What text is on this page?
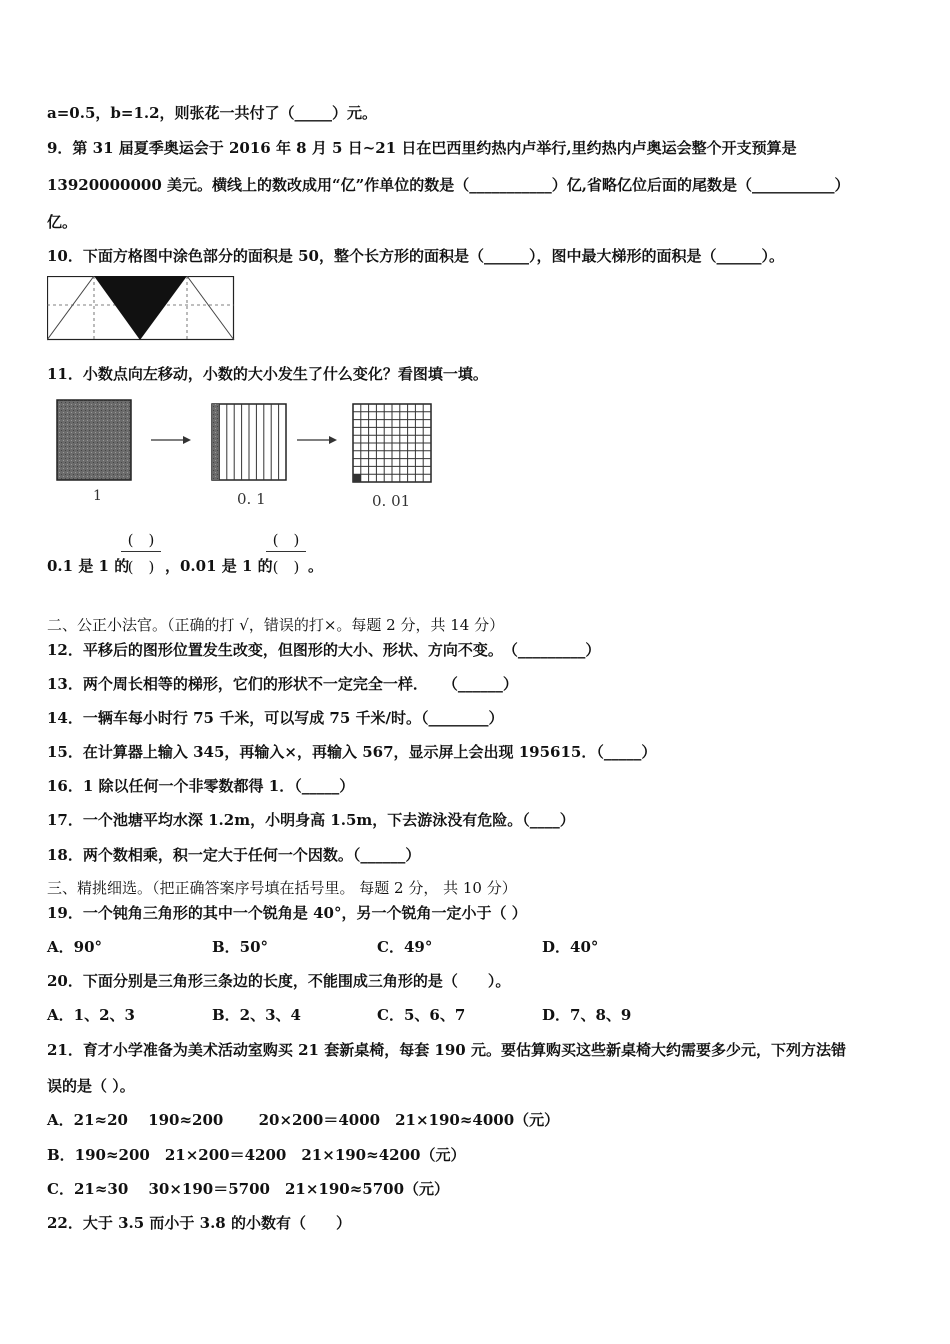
a=0.5，b=1.2，则张花一共付了（_____）元。
9．第 31 届夏季奥运会于 2016 年 8 月 5 日~21 日在巴西里约热内卢举行,里约热内卢奥运会整个开支预算是
13920000000 美元。横线上的数改成用“亿”作单位的数是（___________）亿,省略亿位后面的尾数是（___________）
亿。
10．下面方格图中涂色部分的面积是 50，整个长方形的面积是（______），图中最大梯形的面积是（______）。
11．小数点向左移动，小数的大小发生了什么变化？看图填一填。
1	0. 1	0. 01
(　)
0.1 是 1 的
(　) ，0.01 是 1 的
(　)
(　) 。
二、公正小法官。（正确的打 √，错误的打×。每题 2 分，共 14 分）
12．平移后的图形位置发生改变，但图形的大小、形状、方向不变。　（_________）
13．两个周长相等的梯形，它们的形状不一定完全一样．　　（______）
14．一辆车每小时行 75 千米，可以写成 75 千米/时。（________）
15．在计算器上输入 345，再输入×，再输入 567，显示屏上会出现 195615．（_____）
16．1 除以任何一个非零数都得 1．（_____）
17．一个池塘平均水深 1.2m，小明身高 1.5m，下去游泳没有危险。（____）
18．两个数相乘，积一定大于任何一个因数。（______）
三、精挑细选。（把正确答案序号填在括号里。 每题 2 分， 共 10 分）
19．一个钝角三角形的其中一个锐角是 40°，另一个锐角一定小于（ ）
A．90°	B．50°	C．49°	D．40°
20．下面分别是三角形三条边的长度，不能围成三角形的是（　　）。
A．1、2、3	B．2、3、4	C．5、6、7	D．7、8、9
21．育才小学准备为美术活动室购买 21 套新桌椅，每套 190 元。要估算购买这些新桌椅大约需要多少元，下列方法错
误的是（ ）。
A．21≈20　 190≈200　　 20×200＝4000　21×190≈4000（元）
B．190≈200　21×200＝4200　21×190≈4200（元）
C．21≈30　 30×190＝5700　21×190≈5700（元）
22．大于 3.5 而小于 3.8 的小数有（　　）
